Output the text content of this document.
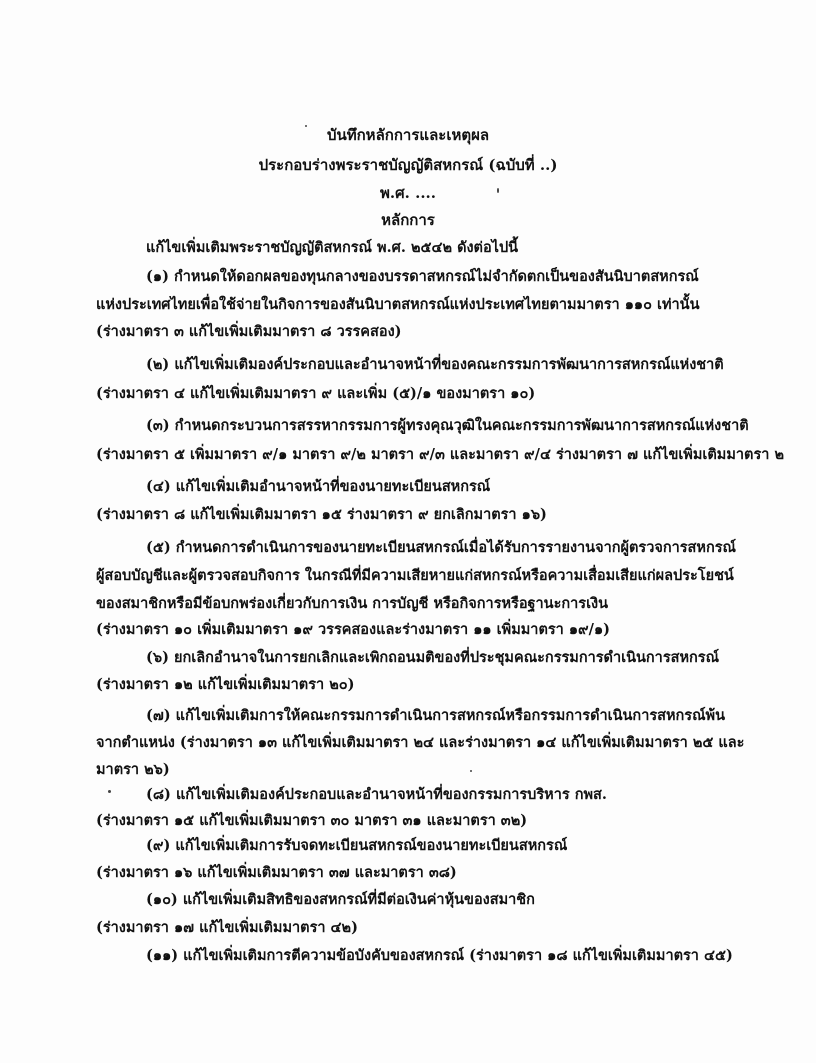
บันทึกหลักการและเหตุผล
ประกอบร่างพระราชบัญญัติสหกรณ์ (ฉบับที่ ..)
พ.ศ. ....
หลักการ
แก้ไขเพิ่มเติมพระราชบัญญัติสหกรณ์ พ.ศ. ๒๕๔๒ ดังต่อไปนี้
(๑) กำหนดให้ดอกผลของทุนกลางของบรรดาสหกรณ์ไม่จำกัดตกเป็นของสันนิบาตสหกรณ์
แห่งประเทศไทยเพื่อใช้จ่ายในกิจการของสันนิบาตสหกรณ์แห่งประเทศไทยตามมาตรา ๑๑๐ เท่านั้น
(ร่างมาตรา ๓ แก้ไขเพิ่มเติมมาตรา ๘ วรรคสอง)
(๒) แก้ไขเพิ่มเติมองค์ประกอบและอำนาจหน้าที่ของคณะกรรมการพัฒนาการสหกรณ์แห่งชาติ
(ร่างมาตรา ๔ แก้ไขเพิ่มเติมมาตรา ๙ และเพิ่ม (๕)/๑ ของมาตรา ๑๐)
(๓) กำหนดกระบวนการสรรหากรรมการผู้ทรงคุณวุฒิในคณะกรรมการพัฒนาการสหกรณ์แห่งชาติ
(ร่างมาตรา ๕ เพิ่มมาตรา ๙/๑ มาตรา ๙/๒ มาตรา ๙/๓ และมาตรา ๙/๔ ร่างมาตรา ๗ แก้ไขเพิ่มเติมมาตรา ๒
(๔) แก้ไขเพิ่มเติมอำนาจหน้าที่ของนายทะเบียนสหกรณ์
(ร่างมาตรา ๘ แก้ไขเพิ่มเติมมาตรา ๑๕ ร่างมาตรา ๙ ยกเลิกมาตรา ๑๖)
(๕) กำหนดการดำเนินการของนายทะเบียนสหกรณ์เมื่อได้รับการรายงานจากผู้ตรวจการสหกรณ์
ผู้สอบบัญชีและผู้ตรวจสอบกิจการ ในกรณีที่มีความเสียหายแก่สหกรณ์หรือความเสื่อมเสียแก่ผลประโยชน์
ของสมาชิกหรือมีข้อบกพร่องเกี่ยวกับการเงิน การบัญชี หรือกิจการหรือฐานะการเงิน
(ร่างมาตรา ๑๐ เพิ่มเติมมาตรา ๑๙ วรรคสองและร่างมาตรา ๑๑ เพิ่มมาตรา ๑๙/๑)
(๖) ยกเลิกอำนาจในการยกเลิกและเพิกถอนมติของที่ประชุมคณะกรรมการดำเนินการสหกรณ์
(ร่างมาตรา ๑๒ แก้ไขเพิ่มเติมมาตรา ๒๐)
(๗) แก้ไขเพิ่มเติมการให้คณะกรรมการดำเนินการสหกรณ์หรือกรรมการดำเนินการสหกรณ์พ้น
จากตำแหน่ง (ร่างมาตรา ๑๓ แก้ไขเพิ่มเติมมาตรา ๒๔ และร่างมาตรา ๑๔ แก้ไขเพิ่มเติมมาตรา ๒๕ และ
มาตรา ๒๖)
(๘) แก้ไขเพิ่มเติมองค์ประกอบและอำนาจหน้าที่ของกรรมการบริหาร กพส.
(ร่างมาตรา ๑๕ แก้ไขเพิ่มเติมมาตรา ๓๐ มาตรา ๓๑ และมาตรา ๓๒)
(๙) แก้ไขเพิ่มเติมการรับจดทะเบียนสหกรณ์ของนายทะเบียนสหกรณ์
(ร่างมาตรา ๑๖ แก้ไขเพิ่มเติมมาตรา ๓๗ และมาตรา ๓๘)
(๑๐) แก้ไขเพิ่มเติมสิทธิของสหกรณ์ที่มีต่อเงินค่าหุ้นของสมาชิก
(ร่างมาตรา ๑๗ แก้ไขเพิ่มเติมมาตรา ๔๒)
(๑๑) แก้ไขเพิ่มเติมการตีความข้อบังคับของสหกรณ์ (ร่างมาตรา ๑๘ แก้ไขเพิ่มเติมมาตรา ๔๕)
